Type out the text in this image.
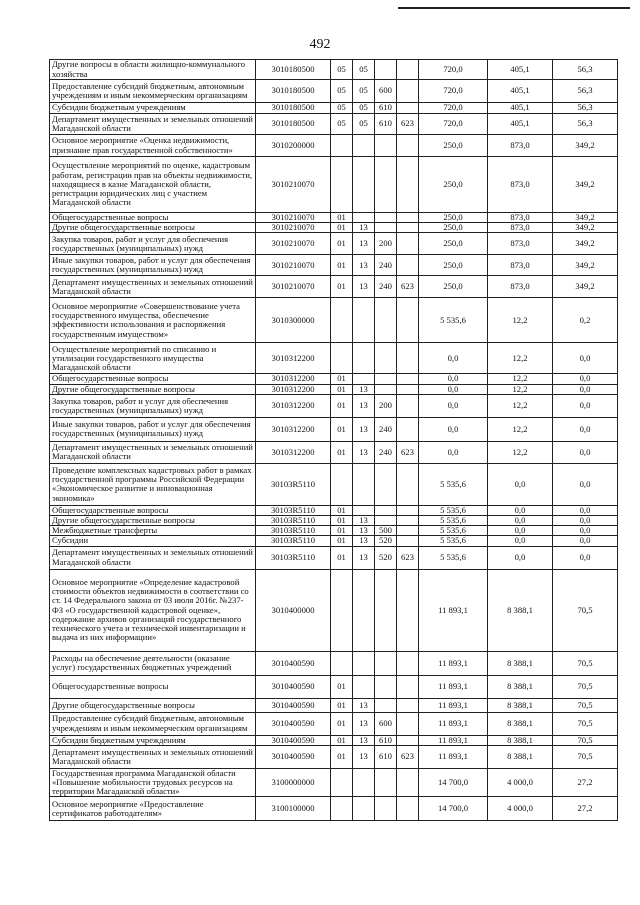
492
Другие вопросы в области жилищно-коммунального хозяйства	3010180500	05	05			720,0	405,1	56,3
Предоставление субсидий бюджетным, автономным учреждениям и иным некоммерческим организациям	3010180500	05	05	600		720,0	405,1	56,3
Субсидии бюджетным учреждениям	3010180500	05	05	610		720,0	405,1	56,3
Департамент имущественных и земельных отношений Магаданской области	3010180500	05	05	610	623	720,0	405,1	56,3
Основное мероприятие «Оценка недвижимости, признание прав государственной собственности»	3010200000					250,0	873,0	349,2
Осуществление мероприятий по оценке, кадастровым работам, регистрации прав на объекты недвижимости, находящиеся в казне Магаданской области, регистрации юридических лиц с участием Магаданской области	3010210070					250,0	873,0	349,2
Общегосударственные вопросы	3010210070	01				250,0	873,0	349,2
Другие общегосударственные вопросы	3010210070	01	13			250,0	873,0	349,2
Закупка товаров, работ и услуг для обеспечения государственных (муниципальных) нужд	3010210070	01	13	200		250,0	873,0	349,2
Иные закупки товаров, работ и услуг для обеспечения государственных (муниципальных) нужд	3010210070	01	13	240		250,0	873,0	349,2
Департамент имущественных и земельных отношений Магаданской области	3010210070	01	13	240	623	250,0	873,0	349,2
Основное мероприятие «Совершенствование учета государственного имущества, обеспечение эффективности использования и распоряжения государственным имуществом»	3010300000					5 535,6	12,2	0,2
Осуществление мероприятий по списанию и утилизации государственного имущества Магаданской области	3010312200					0,0	12,2	0,0
Общегосударственные вопросы	3010312200	01				0,0	12,2	0,0
Другие общегосударственные вопросы	3010312200	01	13			0,0	12,2	0,0
Закупка товаров, работ и услуг для обеспечения государственных (муниципальных) нужд	3010312200	01	13	200		0,0	12,2	0,0
Иные закупки товаров, работ и услуг для обеспечения государственных (муниципальных) нужд	3010312200	01	13	240		0,0	12,2	0,0
Департамент имущественных и земельных отношений Магаданской области	3010312200	01	13	240	623	0,0	12,2	0,0
Проведение комплексных кадастровых работ в рамках государственной программы Российской Федерации «Экономическое развитие и инновационная экономика»	30103R5110					5 535,6	0,0	0,0
Общегосударственные вопросы	30103R5110	01				5 535,6	0,0	0,0
Другие общегосударственные вопросы	30103R5110	01	13			5 535,6	0,0	0,0
Межбюджетные трансферты	30103R5110	01	13	500		5 535,6	0,0	0,0
Субсидии	30103R5110	01	13	520		5 535,6	0,0	0,0
Департамент имущественных и земельных отношений Магаданской области	30103R5110	01	13	520	623	5 535,6	0,0	0,0
Основное мероприятие «Определение кадастровой стоимости объектов недвижимости в соответствии со ст. 14 Федерального закона от 03 июля 2016г. №237-ФЗ «О государственной кадастровой оценке», содержание архивов организаций государственного технического учета и технической инвентаризации и выдача из них информации»	3010400000					11 893,1	8 388,1	70,5
Расходы на обеспечение деятельности (оказание услуг) государственных бюджетных учреждений	3010400590					11 893,1	8 388,1	70,5
Общегосударственные вопросы	3010400590	01				11 893,1	8 388,1	70,5
Другие общегосударственные вопросы	3010400590	01	13			11 893,1	8 388,1	70,5
Предоставление субсидий бюджетным, автономным учреждениям и иным некоммерческим организациям	3010400590	01	13	600		11 893,1	8 388,1	70,5
Субсидии бюджетным учреждениям	3010400590	01	13	610		11 893,1	8 388,1	70,5
Департамент имущественных и земельных отношений Магаданской области	3010400590	01	13	610	623	11 893,1	8 388,1	70,5
Государственная программа Магаданской области «Повышение мобильности трудовых ресурсов на территории Магаданской области»	3100000000					14 700,0	4 000,0	27,2
Основное мероприятие «Предоставление сертификатов работодателям»	3100100000					14 700,0	4 000,0	27,2
